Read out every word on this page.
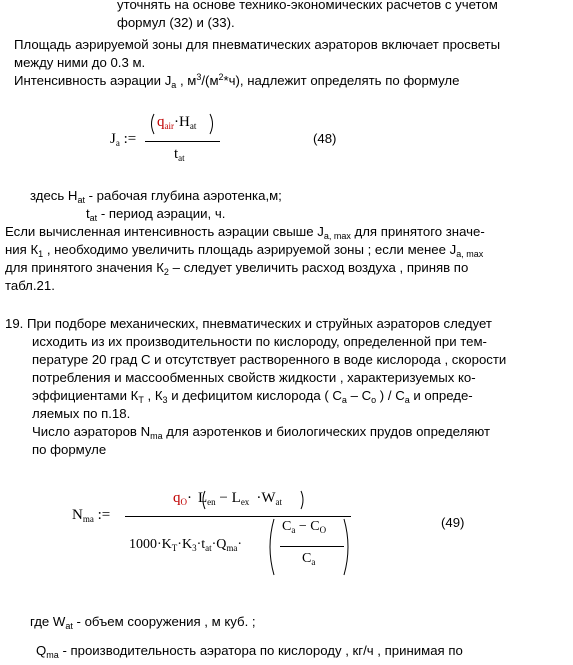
уточнять на основе технико-экономических расчетов с учетом
формул (32) и (33).
Площадь аэрируемой зоны для пневматических аэраторов включает просветы
между ними до 0.3 м.
Интенсивность аэрации $J_a$ , $м^3/(м^2*ч)$, надлежит определять по формуле
$J_a$ :=
$q_{air}\cdot H_{at}$
$t_{at}$
(48)
здесь $H_{at}$ - рабочая глубина аэротенка,м;
$t_{at}$ - период аэрации, ч.
Если вычисленная интенсивность аэрации свыше $J_{a, max}$ для принятого значе-
ния $К_1$ , необходимо увеличить площадь аэрируемой зоны ; если менее $J_{a, max}$
для принятого значения $К_2$ – следует увеличить расход воздуха , приняв по
табл.21.
19. При подборе механических, пневматических и струйных аэраторов следует
исходить из их производительности по кислороду, определенной при тем-
пературе 20 град С и отсутствует растворенного в воде кислорода , скорости
потребления и массообменных свойств жидкости , характеризуемых ко-
эффициентами $К_T$ , $К_3$ и дефицитом кислорода ( $С_a - С_o$ ) / $С_a$ и опреде-
ляемых по п.18.
Число аэраторов $N_{ma}$ для аэротенков и биологических прудов определяют
по формуле
$N_{ma}$ :=
$q_O\cdot L_{en} - L_{ex} \cdot W_{at}$
$1000\cdot K_T\cdot K_3\cdot t_{at}\cdot Q_{ma}\cdot$
$C_a - C_O$
$C_a$
(49)
где $W_{at}$ - объем сооружения , м куб. ;
$Q_{ma}$ - производительность аэратора по кислороду , кг/ч , принимая по
